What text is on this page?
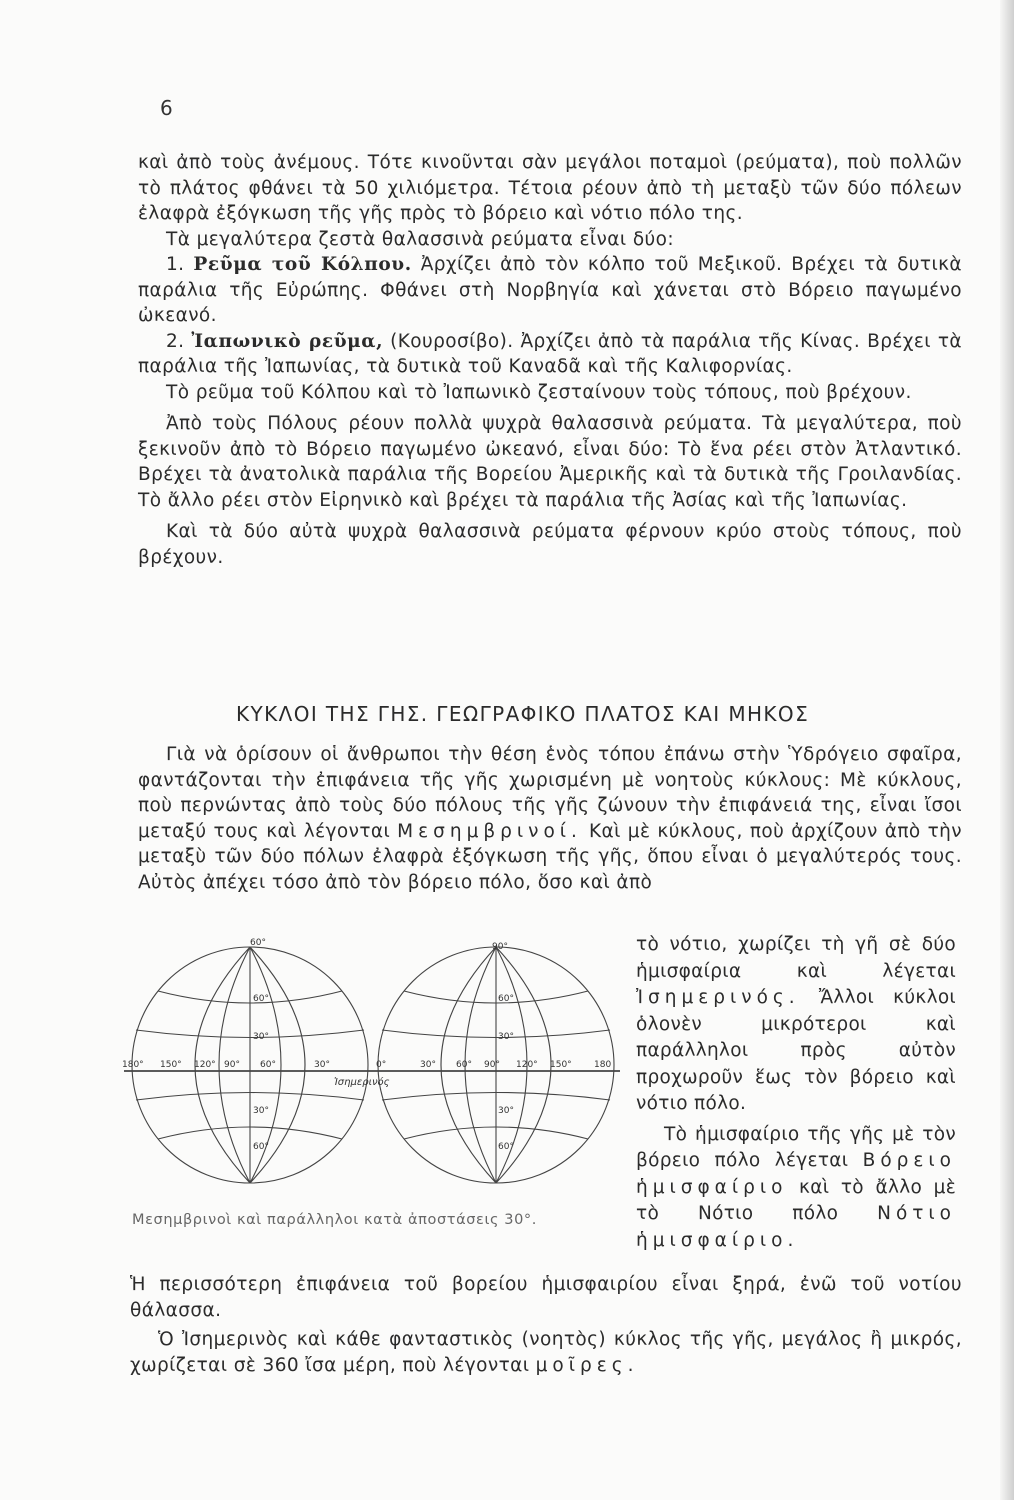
6

καὶ ἀπὸ τοὺς ἀνέμους. Τότε κινοῦνται σὰν μεγάλοι ποταμοὶ (ρεύματα), ποὺ πολλῶν τὸ πλάτος φθάνει τὰ 50 χιλιόμετρα. Τέτοια ρέουν ἀπὸ τὴ μεταξὺ τῶν δύο πόλεων ἐλαφρὰ ἐξόγκωση τῆς γῆς πρὸς τὸ βόρειο καὶ νότιο πόλο της.

Τὰ μεγαλύτερα ζεστὰ θαλασσινὰ ρεύματα εἶναι δύο:

1. Ρεῦμα τοῦ Κόλπου. Ἀρχίζει ἀπὸ τὸν κόλπο τοῦ Μεξικοῦ. Βρέχει τὰ δυτικὰ παράλια τῆς Εὐρώπης. Φθάνει στὴ Νορβηγία καὶ χάνεται στὸ Βόρειο παγωμένο ὠκεανό.

2. Ἰαπωνικὸ ρεῦμα, (Κουροσίβο). Ἀρχίζει ἀπὸ τὰ παράλια τῆς Κίνας. Βρέχει τὰ παράλια τῆς Ἰαπωνίας, τὰ δυτικὰ τοῦ Καναδᾶ καὶ τῆς Καλιφορνίας.

Τὸ ρεῦμα τοῦ Κόλπου καὶ τὸ Ἰαπωνικὸ ζεσταίνουν τοὺς τόπους, ποὺ βρέχουν.

Ἀπὸ τοὺς Πόλους ρέουν πολλὰ ψυχρὰ θαλασσινὰ ρεύματα. Τὰ μεγαλύτερα, ποὺ ξεκινοῦν ἀπὸ τὸ Βόρειο παγωμένο ὠκεανό, εἶναι δύο: Τὸ ἕνα ρέει στὸν Ἀτλαντικό. Βρέχει τὰ ἀνατολικὰ παράλια τῆς Βορείου Ἀμερικῆς καὶ τὰ δυτικὰ τῆς Γροιλανδίας. Τὸ ἄλλο ρέει στὸν Εἰρηνικὸ καὶ βρέχει τὰ παράλια τῆς Ἀσίας καὶ τῆς Ἰαπωνίας.

Καὶ τὰ δύο αὐτὰ ψυχρὰ θαλασσινὰ ρεύματα φέρνουν κρύο στοὺς τόπους, ποὺ βρέχουν.

ΚΥΚΛΟΙ ΤΗΣ ΓΗΣ. ΓΕΩΓΡΑΦΙΚΟ ΠΛΑΤΟΣ ΚΑΙ ΜΗΚΟΣ

Γιὰ νὰ ὁρίσουν οἱ ἄνθρωποι τὴν θέση ἑνὸς τόπου ἐπάνω στὴν Ὑδρόγειο σφαῖρα, φαντάζονται τὴν ἐπιφάνεια τῆς γῆς χωρισμένη μὲ νοητοὺς κύκλους: Μὲ κύκλους, ποὺ περνώντας ἀπὸ τοὺς δύο πόλους τῆς γῆς ζώνουν τὴν ἐπιφάνειά της, εἶναι ἴσοι μεταξύ τους καὶ λέγονται Μεσημβρινοί. Καὶ μὲ κύκλους, ποὺ ἀρχίζουν ἀπὸ τὴν μεταξὺ τῶν δύο πόλων ἐλαφρὰ ἐξόγκωση τῆς γῆς, ὅπου εἶναι ὁ μεγαλύτερός τους. Αὐτὸς ἀπέχει τόσο ἀπὸ τὸν βόρειο πόλο, ὅσο καὶ ἀπὸ

60°
60°
30°
30°
60°
180° 150° 120° 90° 60°	30°
90°
60°
30°
30°
60°
0°	30° 60° 90° 120° 150° 180
Ἰσημερινός
Μεσημβρινοὶ καὶ παράλληλοι κατὰ ἀποστάσεις 30°.

τὸ νότιο, χωρίζει τὴ γῆ σὲ δύο ἡμισφαίρια καὶ λέγεται Ἰσημερινός. Ἄλλοι κύκλοι ὁλονὲν μικρότεροι καὶ παράλληλοι πρὸς αὐτὸν προχωροῦν ἕως τὸν βόρειο καὶ νότιο πόλο.

Τὸ ἡμισφαίριο τῆς γῆς μὲ τὸν βόρειο πόλο λέγεται Βόρειο ἡμισφαίριο καὶ τὸ ἄλλο μὲ τὸ Νότιο πόλο Νότιο ἡμισφαίριο.

Ἡ περισσότερη ἐπιφάνεια τοῦ βορείου ἡμισφαιρίου εἶναι ξηρά, ἐνῶ τοῦ νοτίου θάλασσα.

Ὁ Ἰσημερινὸς καὶ κάθε φανταστικὸς (νοητὸς) κύκλος τῆς γῆς, μεγάλος ἢ μικρός, χωρίζεται σὲ 360 ἴσα μέρη, ποὺ λέγονται μοῖρες.
